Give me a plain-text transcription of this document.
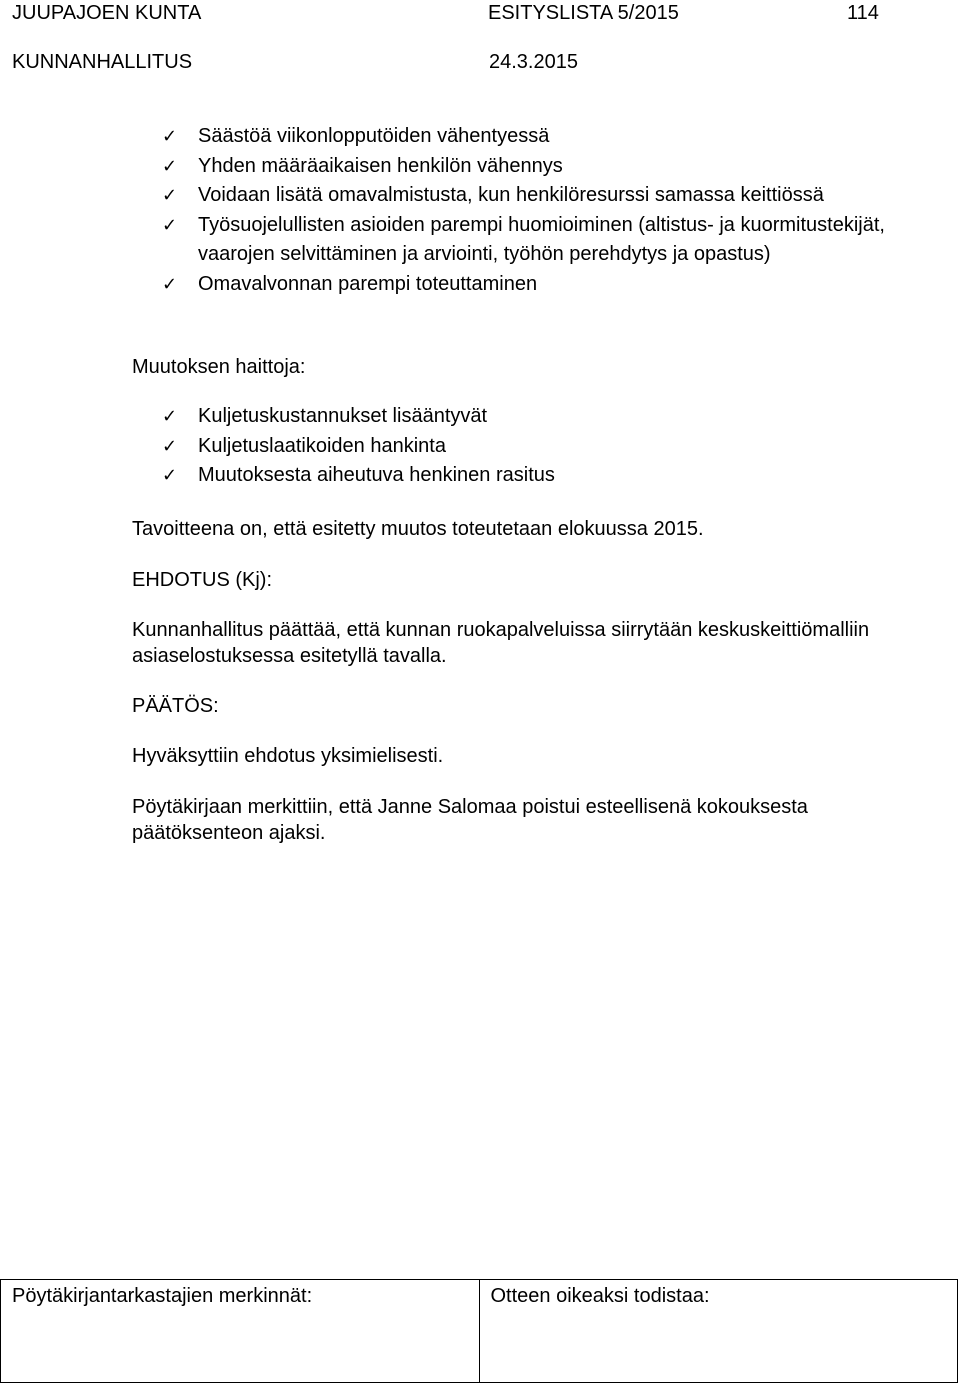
JUUPAJOEN KUNTA	ESITYSLISTA 5/2015	114
KUNNANHALLITUS	24.3.2015
✓ Säästöä viikonlopputöiden vähentyessä
✓ Yhden määräaikaisen henkilön vähennys
✓ Voidaan lisätä omavalmistusta, kun henkilöresurssi samassa keittiössä
✓ Työsuojelullisten asioiden parempi huomioiminen (altistus- ja kuormitustekijät, vaarojen selvittäminen ja arviointi, työhön perehdytys ja opastus)
✓ Omavalvonnan parempi toteuttaminen

Muutoksen haittoja:

✓ Kuljetuskustannukset lisääntyvät
✓ Kuljetuslaatikoiden hankinta
✓ Muutoksesta aiheutuva henkinen rasitus

Tavoitteena on, että esitetty muutos toteutetaan elokuussa 2015.

EHDOTUS (Kj):

Kunnanhallitus päättää, että kunnan ruokapalveluissa siirrytään keskuskeittiömalliin asiaselostuksessa esitetyllä tavalla.

PÄÄTÖS:

Hyväksyttiin ehdotus yksimielisesti.

Pöytäkirjaan merkittiin, että Janne Salomaa poistui esteellisenä kokouksesta päätöksenteon ajaksi.

Pöytäkirjantarkastajien merkinnät:	Otteen oikeaksi todistaa:
